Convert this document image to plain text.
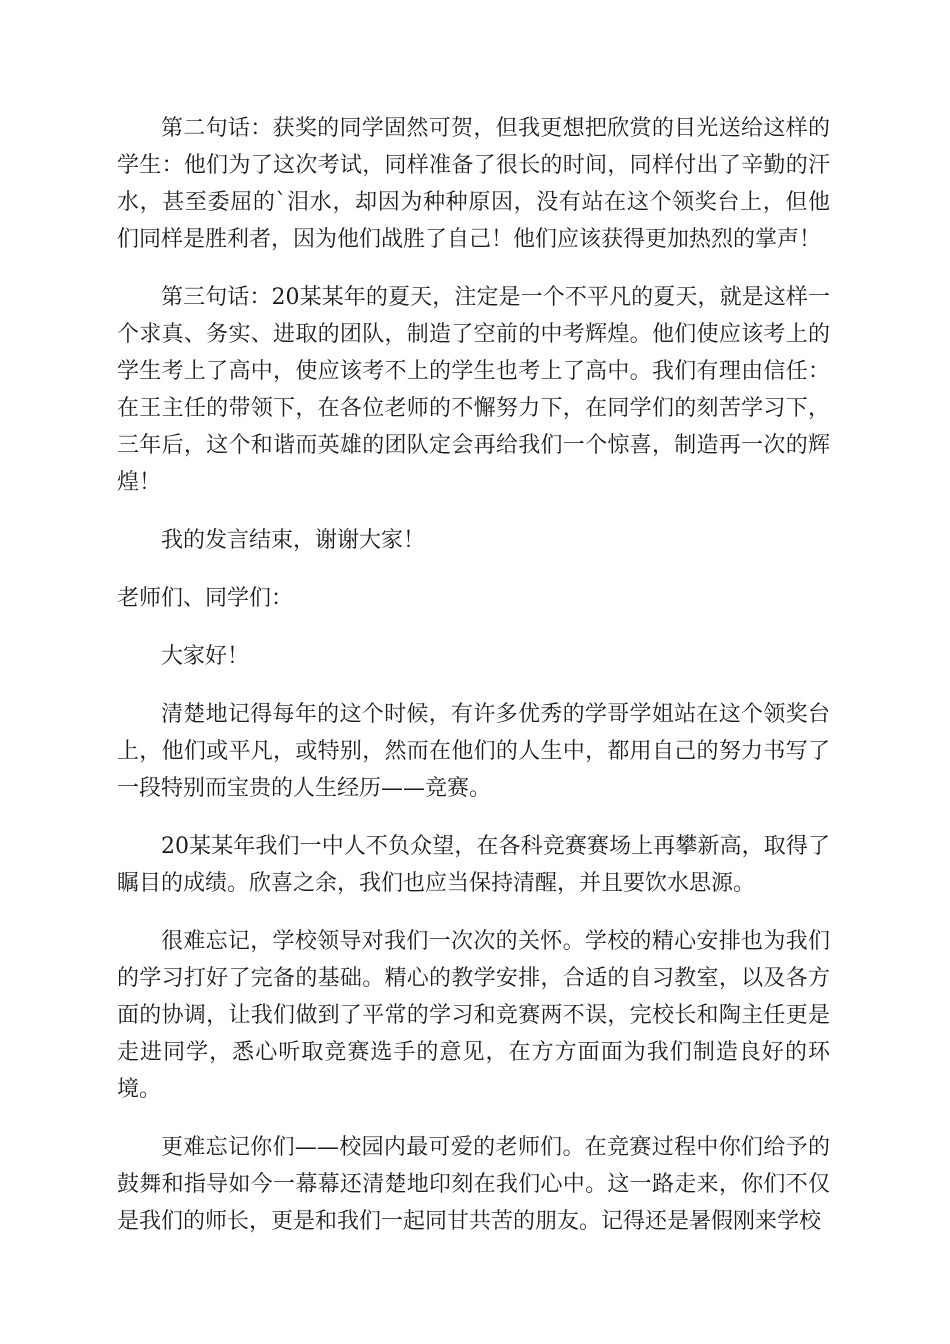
第二句话：获奖的同学固然可贺，但我更想把欣赏的目光送给这样的学生：他们为了这次考试，同样准备了很长的时间，同样付出了辛勤的汗水，甚至委屈的`泪水，却因为种种原因，没有站在这个领奖台上，但他们同样是胜利者，因为他们战胜了自己！他们应该获得更加热烈的掌声！

第三句话：20某某年的夏天，注定是一个不平凡的夏天，就是这样一个求真、务实、进取的团队，制造了空前的中考辉煌。他们使应该考上的学生考上了高中，使应该考不上的学生也考上了高中。我们有理由信任：在王主任的带领下，在各位老师的不懈努力下，在同学们的刻苦学习下，三年后，这个和谐而英雄的团队定会再给我们一个惊喜，制造再一次的辉煌！

我的发言结束，谢谢大家！

老师们、同学们：

大家好！

清楚地记得每年的这个时候，有许多优秀的学哥学姐站在这个领奖台上，他们或平凡，或特别，然而在他们的人生中，都用自己的努力书写了一段特别而宝贵的人生经历——竞赛。

20某某年我们一中人不负众望，在各科竞赛赛场上再攀新高，取得了瞩目的成绩。欣喜之余，我们也应当保持清醒，并且要饮水思源。

很难忘记，学校领导对我们一次次的关怀。学校的精心安排也为我们的学习打好了完备的基础。精心的教学安排，合适的自习教室，以及各方面的协调，让我们做到了平常的学习和竞赛两不误，完校长和陶主任更是走进同学，悉心听取竞赛选手的意见，在方方面面为我们制造良好的环境。

更难忘记你们——校园内最可爱的老师们。在竞赛过程中你们给予的鼓舞和指导如今一幕幕还清楚地印刻在我们心中。这一路走来，你们不仅是我们的师长，更是和我们一起同甘共苦的朋友。记得还是暑假刚来学校
